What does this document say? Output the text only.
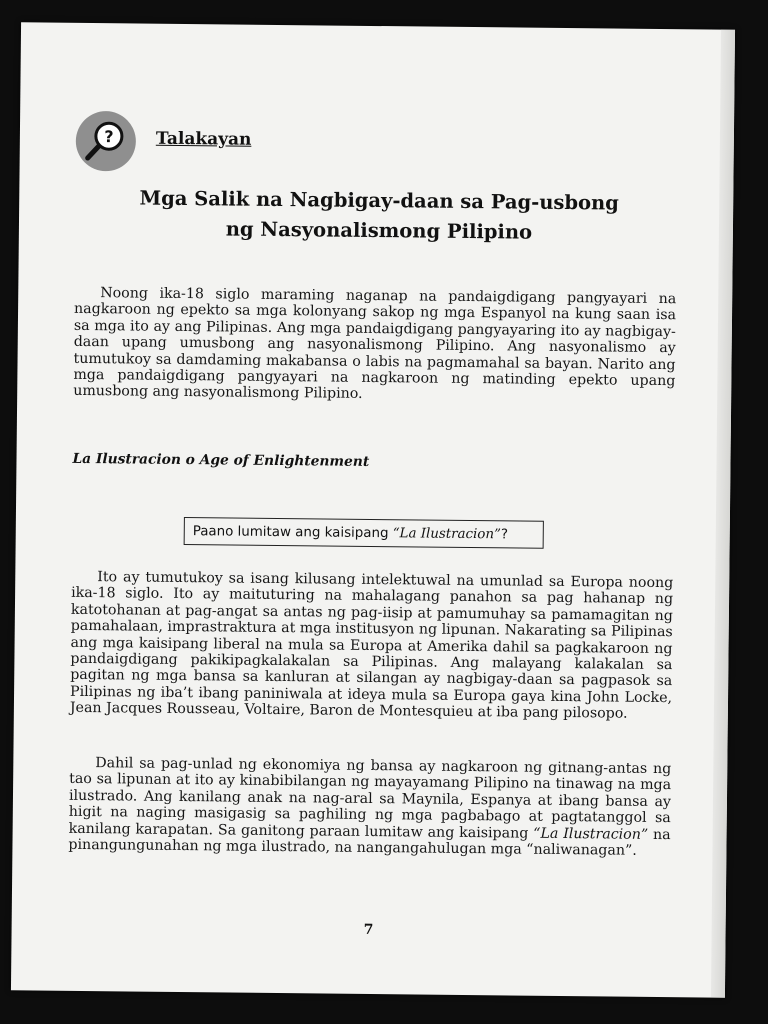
? Talakayan
Mga Salik na Nagbigay-daan sa Pag-usbong
ng Nasyonalismong Pilipino

Noong ika-18 siglo maraming naganap na pandaigdigang pangyayari na nagkaroon ng epekto sa mga kolonyang sakop ng mga Espanyol na kung saan isa sa mga ito ay ang Pilipinas. Ang mga pandaigdigang pangyayaring ito ay nagbigay-daan upang umusbong ang nasyonalismong Pilipino. Ang nasyonalismo ay tumutukoy sa damdaming makabansa o labis na pagmamahal sa bayan. Narito ang mga pandaigdigang pangyayari na nagkaroon ng matinding epekto upang umusbong ang nasyonalismong Pilipino.

La Ilustracion o Age of Enlightenment
Paano lumitaw ang kaisipang “La Ilustracion”?

Ito ay tumutukoy sa isang kilusang intelektuwal na umunlad sa Europa noong ika-18 siglo. Ito ay maituturing na mahalagang panahon sa pag hahanap ng katotohanan at pag-angat sa antas ng pag-iisip at pamumuhay sa pamamagitan ng pamahalaan, imprastraktura at mga institusyon ng lipunan. Nakarating sa Pilipinas ang mga kaisipang liberal na mula sa Europa at Amerika dahil sa pagkakaroon ng pandaigdigang pakikipagkalakalan sa Pilipinas. Ang malayang kalakalan sa pagitan ng mga bansa sa kanluran at silangan ay nagbigay-daan sa pagpasok sa Pilipinas ng iba’t ibang paniniwala at ideya mula sa Europa gaya kina John Locke, Jean Jacques Rousseau, Voltaire, Baron de Montesquieu at iba pang pilosopo.

Dahil sa pag-unlad ng ekonomiya ng bansa ay nagkaroon ng gitnang-antas ng tao sa lipunan at ito ay kinabibilangan ng mayayamang Pilipino na tinawag na mga ilustrado. Ang kanilang anak na nag-aral sa Maynila, Espanya at ibang bansa ay higit na naging masigasig sa paghiling ng mga pagbabago at pagtatanggol sa kanilang karapatan. Sa ganitong paraan lumitaw ang kaisipang “La Ilustracion” na pinangungunahan ng mga ilustrado, na nangangahulugan mga “naliwanagan”.

7
